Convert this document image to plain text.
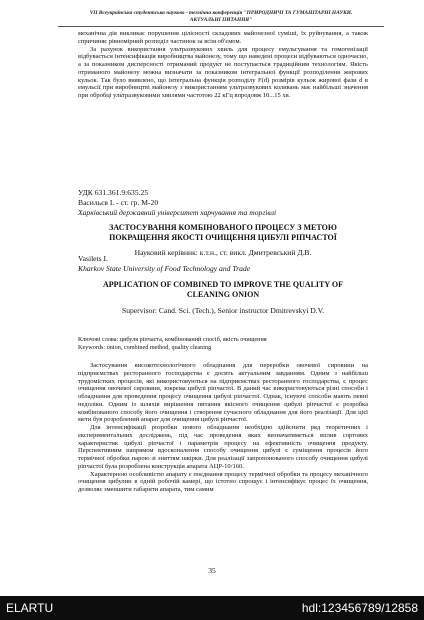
VII Всеукраїнська студентська науково - технічна конференція "ПРИРОДНИЧІ ТА ГУМАНІТАРНІ НАУКИ.
АКТУАЛЬНІ ПИТАННЯ"

механічна дія викликає порушення цілісності складових майонезної суміші, їх руйнування, а також спричиняє рівномірний розподіл частинок за всім об'ємом.

За рахунок використання ультразвукових хвиль для процесу емульгування та гомогенізації відбувається інтенсифікація виробництва майонезу, тому що наведені процеси відбуваються одночасно, а за показником дисперсності отриманий продукт не поступається традиційним технологіям. Якість отриманого майонезу можна визначати за показником інтегральної функції розподілення жирових кульок. Так було виявлено, що інтегральна функція розподілу F(d) розмірів кульок жирової фази d в емульсії при виробництві майонезу з використанням ультразвукових коливань має найбільші значення при обробці ультразвуковими хвилями частотою 22 кГц впродовж 10...15 хв.

УДК 631.361.9:635.25
Васильєв І. - ст. гр. М-20
Харківський державний університет харчування та торгівлі
ЗАСТОСУВАННЯ КОМБІНОВАНОГО ПРОЦЕСУ З МЕТОЮ
ПОКРАЩЕННЯ ЯКОСТІ ОЧИЩЕННЯ ЦИБУЛІ РІПЧАСТОЇ
Науковий керівник: к.т.н., ст. викл. Дмитревський Д.В.
Vasilets I.
Kharkov State University of Food Technology and Trade
APPLICATION OF COMBINED TO IMPROVE THE QUALITY OF
CLEANING ONION
Supervisor: Cand. Sci. (Tech.), Senior instructor Dmitrevskyi D.V.
Ключові слова: цибуля ріпчаста, комбінований спосіб, якість очищення
Keywords: onion, combined method, quality cleaning

Застосування високотехнологічного обладнання для переробки овочевої сировини на підприємствах ресторанного господарства є досить актуальним завданням. Одним з найбільш трудомістких процесів, які використовуються на підприємствах ресторанного господарства, є процес очищення овочевої сировини, зокрема цибулі ріпчастої. В даний час використовуються різні способи і обладнання для проведення процесу очищення цибулі ріпчастої. Однак, існуючі способи мають певні недоліки. Одним із шляхів вирішення питання якісного очищення цибулі ріпчастої є розробка комбінованого способу його очищення і створення сучасного обладнання для його реалізації. Для цієї мети був розроблений апарат для очищення цибулі ріпчастої.

Для інтенсифікації розробки нового обладнання необхідно здійснити ряд теоретичних і експериментальних досліджень, під час проведення яких визначатиметься вплив сортових характеристик цибулі ріпчастої і параметрів процесу на ефективність очищення продукту. Перспективним напрямом вдосконалення способу очищення цибулі є суміщення процесів його термічної обробки парою зі зняттям шкірки. Для реалізації запропонованого способу очищення цибулі ріпчастої була розроблена конструкція апарата АЦР-10/160.

Характерною особливістю апарату є поєднання процесу термічної обробки та процесу механічного очищення цибулин в одній робочій камері, що істотно спрощує і інтенсифікує процес їх очищення, дозволяє зменшити габарити апарата, тим самим

35
ELARTU	hdl:123456789/12858
